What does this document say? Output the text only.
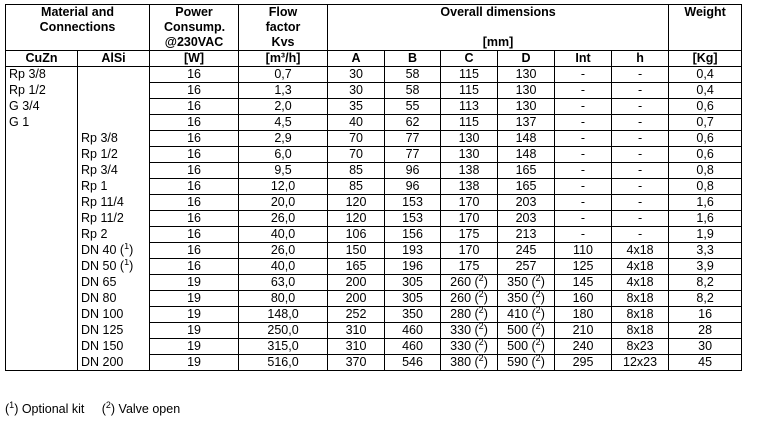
Material and Connections		Power Consump. @230VAC	Flow factor Kvs	Overall dimensions						Weight
				[mm]						
CuZn	AlSi	[W]	[m³/h]	A	B	C	D	Int	h	[Kg]
Rp 3/8		16	0,7	30	58	115	130	-	-	0,4
Rp 1/2		16	1,3	30	58	115	130	-	-	0,4
G 3/4		16	2,0	35	55	113	130	-	-	0,6
G 1		16	4,5	40	62	115	137	-	-	0,7
	Rp 3/8	16	2,9	70	77	130	148	-	-	0,6
	Rp 1/2	16	6,0	70	77	130	148	-	-	0,6
	Rp 3/4	16	9,5	85	96	138	165	-	-	0,8
	Rp 1	16	12,0	85	96	138	165	-	-	0,8
	Rp 11/4	16	20,0	120	153	170	203	-	-	1,6
	Rp 11/2	16	26,0	120	153	170	203	-	-	1,6
	Rp 2	16	40,0	106	156	175	213	-	-	1,9
	DN 40 ($^1$)	16	26,0	150	193	170	245	110	4x18	3,3
	DN 50 ($^1$)	16	40,0	165	196	175	257	125	4x18	3,9
	DN 65	19	63,0	200	305	260 ($^2$)	350 ($^2$)	145	4x18	8,2
	DN 80	19	80,0	200	305	260 ($^2$)	350 ($^2$)	160	8x18	8,2
	DN 100	19	148,0	252	350	280 ($^2$)	410 ($^2$)	180	8x18	16
	DN 125	19	250,0	310	460	330 ($^2$)	500 ($^2$)	210	8x18	28
	DN 150	19	315,0	310	460	330 ($^2$)	500 ($^2$)	240	8x23	30
	DN 200	19	516,0	370	546	380 ($^2$)	590 ($^2$)	295	12x23	45
($^1$) Optional kit     ($^2$) Valve open
